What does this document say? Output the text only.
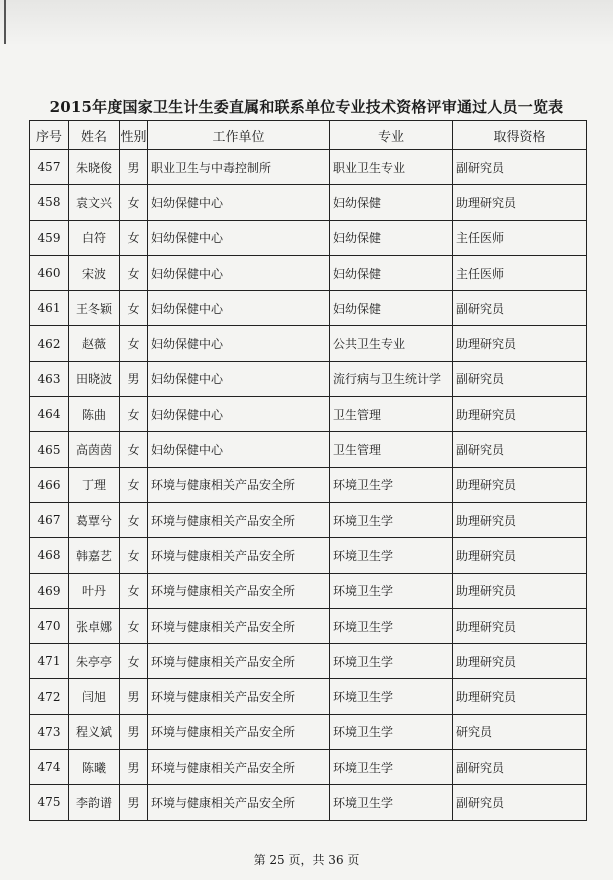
2015年度国家卫生计生委直属和联系单位专业技术资格评审通过人员一览表
序号	姓名	性别	工作单位	专业	取得资格
457	朱晓俊	男	职业卫生与中毒控制所	职业卫生专业	副研究员
458	袁文兴	女	妇幼保健中心	妇幼保健	助理研究员
459	白符	女	妇幼保健中心	妇幼保健	主任医师
460	宋波	女	妇幼保健中心	妇幼保健	主任医师
461	王冬颖	女	妇幼保健中心	妇幼保健	副研究员
462	赵薇	女	妇幼保健中心	公共卫生专业	助理研究员
463	田晓波	男	妇幼保健中心	流行病与卫生统计学	副研究员
464	陈曲	女	妇幼保健中心	卫生管理	助理研究员
465	高茵茵	女	妇幼保健中心	卫生管理	副研究员
466	丁理	女	环境与健康相关产品安全所	环境卫生学	助理研究员
467	葛覃兮	女	环境与健康相关产品安全所	环境卫生学	助理研究员
468	韩嘉艺	女	环境与健康相关产品安全所	环境卫生学	助理研究员
469	叶丹	女	环境与健康相关产品安全所	环境卫生学	助理研究员
470	张卓娜	女	环境与健康相关产品安全所	环境卫生学	助理研究员
471	朱亭亭	女	环境与健康相关产品安全所	环境卫生学	助理研究员
472	闫旭	男	环境与健康相关产品安全所	环境卫生学	助理研究员
473	程义斌	男	环境与健康相关产品安全所	环境卫生学	研究员
474	陈曦	男	环境与健康相关产品安全所	环境卫生学	副研究员
475	李韵谱	男	环境与健康相关产品安全所	环境卫生学	副研究员
第 25 页，共 36 页
